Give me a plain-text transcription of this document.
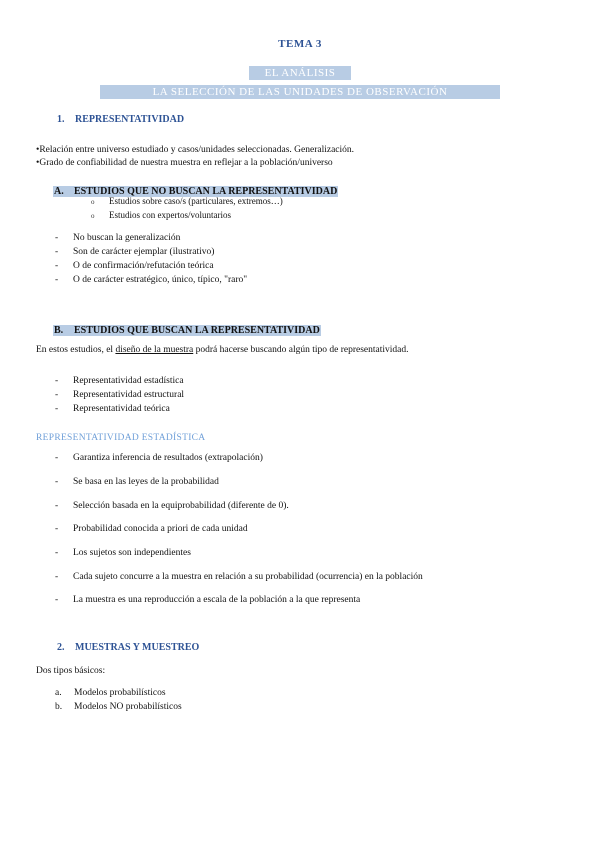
TEMA 3
EL ANÁLISIS
LA SELECCIÓN DE LAS UNIDADES DE OBSERVACIÓN
1. REPRESENTATIVIDAD
•Relación entre universo estudiado y casos/unidades seleccionadas. Generalización.
•Grado de confiabilidad de nuestra muestra en reflejar a la población/universo
A. ESTUDIOS QUE NO BUSCAN LA REPRESENTATIVIDAD
o Estudios sobre caso/s (particulares, extremos…)
o Estudios con expertos/voluntarios
- No buscan la generalización
- Son de carácter ejemplar (ilustrativo)
- O de confirmación/refutación teórica
- O de carácter estratégico, único, típico, "raro"
B. ESTUDIOS QUE BUSCAN LA REPRESENTATIVIDAD
En estos estudios, el diseño de la muestra podrá hacerse buscando algún tipo de representatividad.
- Representatividad estadística
- Representatividad estructural
- Representatividad teórica
REPRESENTATIVIDAD ESTADÍSTICA
- Garantiza inferencia de resultados (extrapolación)
- Se basa en las leyes de la probabilidad
- Selección basada en la equiprobabilidad (diferente de 0).
- Probabilidad conocida a priori de cada unidad
- Los sujetos son independientes
- Cada sujeto concurre a la muestra en relación a su probabilidad (ocurrencia) en la población
- La muestra es una reproducción a escala de la población a la que representa
2. MUESTRAS Y MUESTREO
Dos tipos básicos:
a. Modelos probabilísticos
b. Modelos NO probabilísticos
